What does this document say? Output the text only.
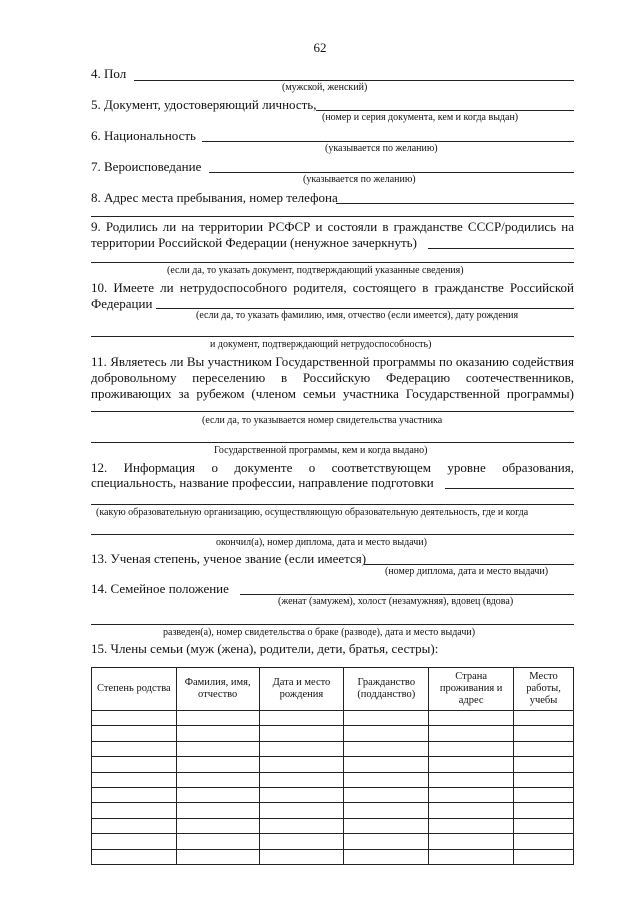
62
4. Пол
(мужской, женский)
5. Документ, удостоверяющий личность,
(номер и серия документа, кем и когда выдан)
6. Национальность
(указывается по желанию)
7. Вероисповедание
(указывается по желанию)
8. Адрес места пребывания, номер телефона
9. Родились ли на территории РСФСР и состояли в гражданстве СССР/родились на
территории Российской Федерации (ненужное зачеркнуть)
(если да, то указать документ, подтверждающий указанные сведения)
10. Имеете ли нетрудоспособного родителя, состоящего в гражданстве Российской
Федерации
(если да, то указать фамилию, имя, отчество (если имеется), дату рождения
и документ, подтверждающий нетрудоспособность)
11. Являетесь ли Вы участником Государственной программы по оказанию содействия
добровольному переселению в Российскую Федерацию соотечественников,
проживающих за рубежом (членом семьи участника Государственной программы)
(если да, то указывается номер свидетельства участника
Государственной программы, кем и когда выдано)
12. Информация о документе о соответствующем уровне образования,
специальность, название профессии, направление подготовки
(какую образовательную организацию, осуществляющую образовательную деятельность, где и когда
окончил(а), номер диплома, дата и место выдачи)
13. Ученая степень, ученое звание (если имеется)
(номер диплома, дата и место выдачи)
14. Семейное положение
(женат (замужем), холост (незамужняя), вдовец (вдова)
разведен(а), номер свидетельства о браке (разводе), дата и место выдачи)
15. Члены семьи (муж (жена), родители, дети, братья, сестры):
Степень родства	Фамилия, имя, отчество	Дата и место рождения	Гражданство (подданство)	Страна проживания и адрес	Место работы, учебы
